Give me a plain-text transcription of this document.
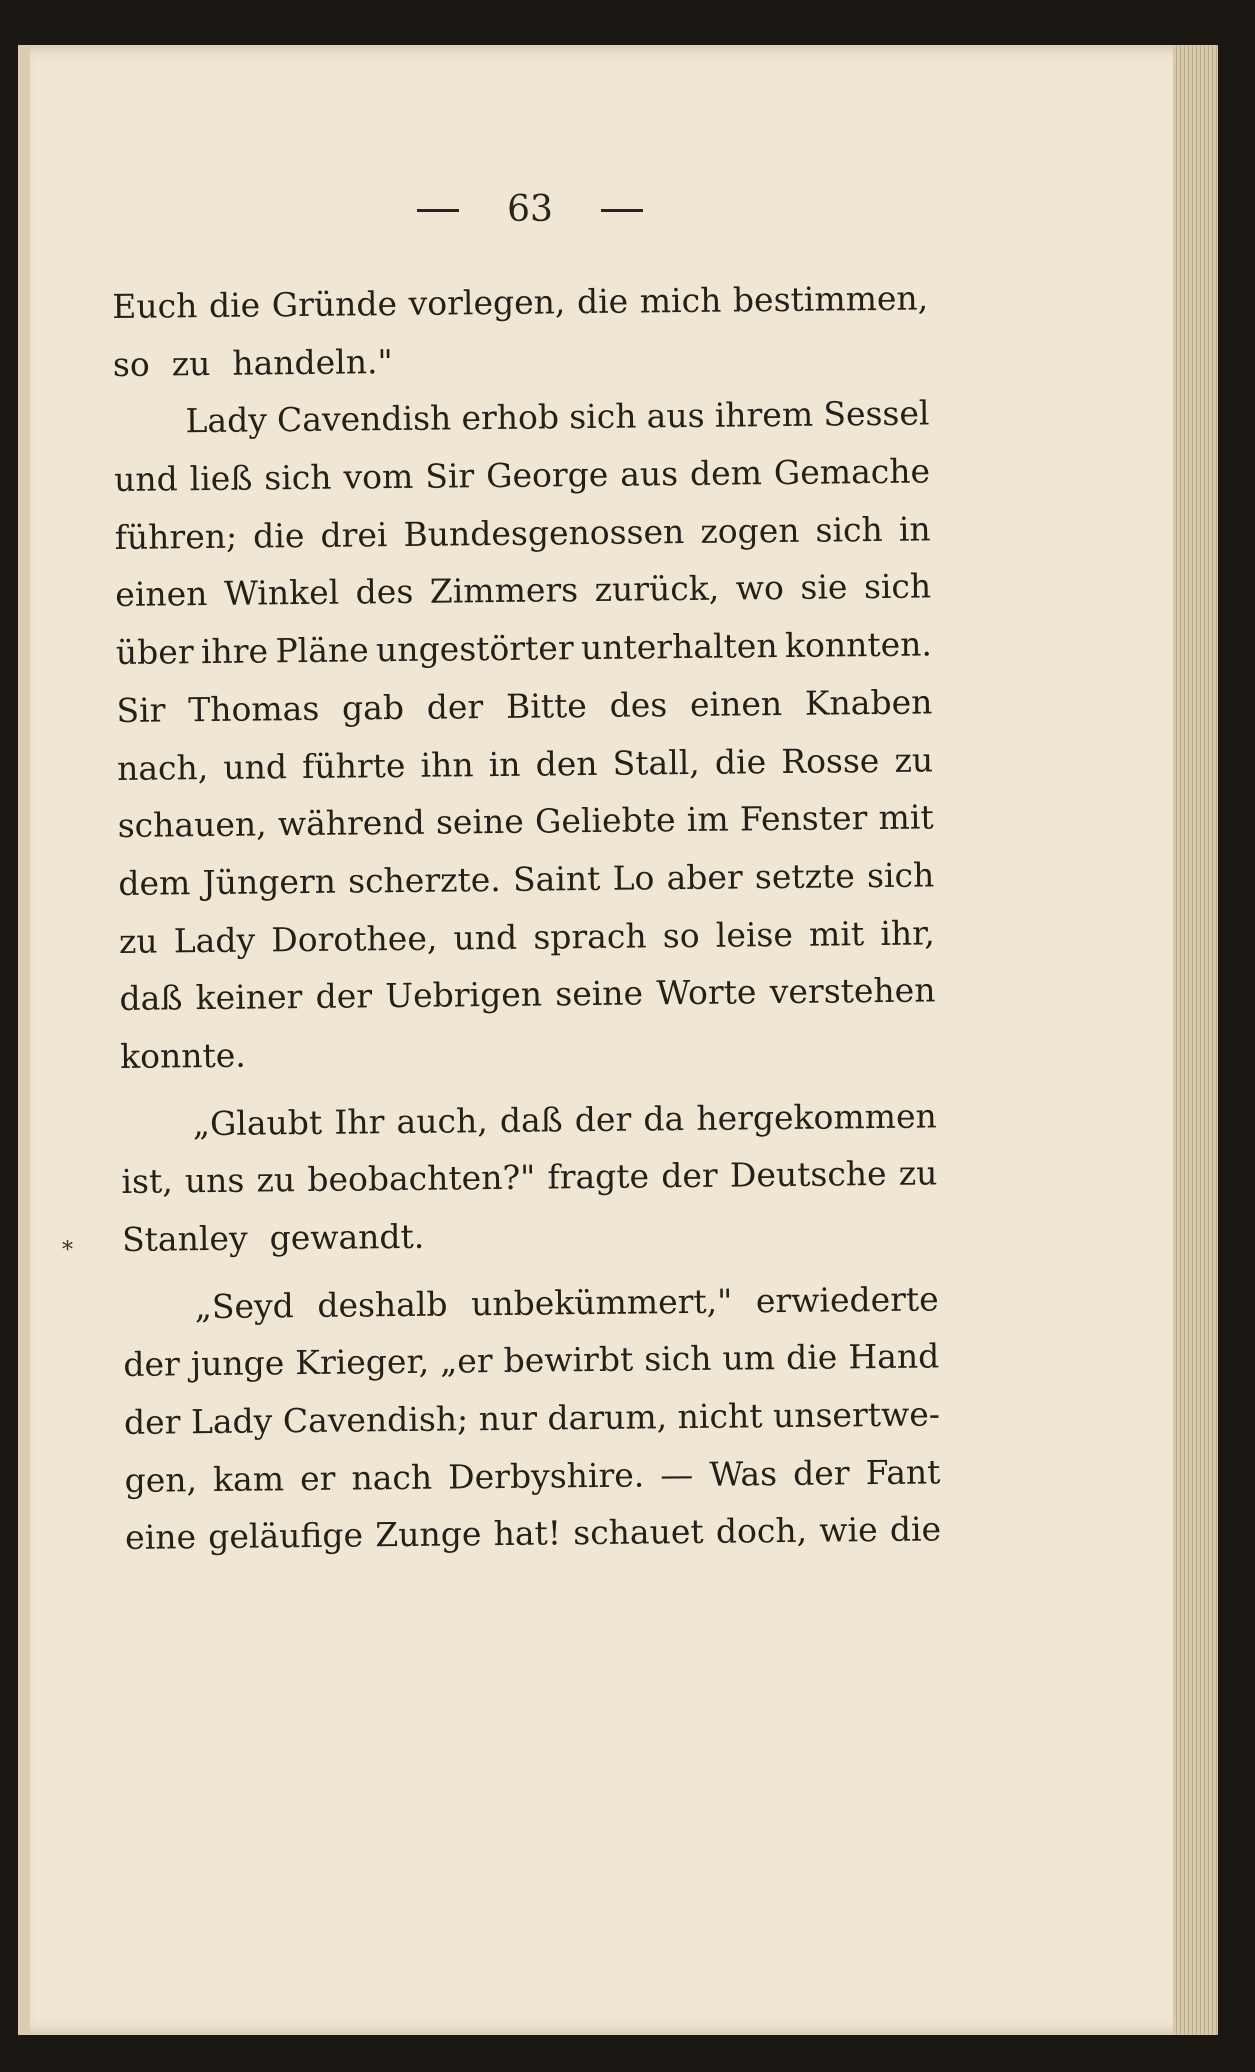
63
Euch die Gründe vorlegen, die mich bestimmen,
so zu handeln."
Lady Cavendish erhob sich aus ihrem Sessel
und ließ sich vom Sir George aus dem Gemache
führen; die drei Bundesgenossen zogen sich in
einen Winkel des Zimmers zurück, wo sie sich
über ihre Pläne ungestörter unterhalten konnten.
Sir Thomas gab der Bitte des einen Knaben
nach, und führte ihn in den Stall, die Rosse zu
schauen, während seine Geliebte im Fenster mit
dem Jüngern scherzte. Saint Lo aber setzte sich
zu Lady Dorothee, und sprach so leise mit ihr,
daß keiner der Uebrigen seine Worte verstehen
konnte.
„Glaubt Ihr auch, daß der da hergekommen
ist, uns zu beobachten?" fragte der Deutsche zu
Stanley gewandt.
„Seyd deshalb unbekümmert," erwiederte
der junge Krieger, „er bewirbt sich um die Hand
der Lady Cavendish; nur darum, nicht unsertwe-
gen, kam er nach Derbyshire. — Was der Fant
eine geläufige Zunge hat! schauet doch, wie die
*
